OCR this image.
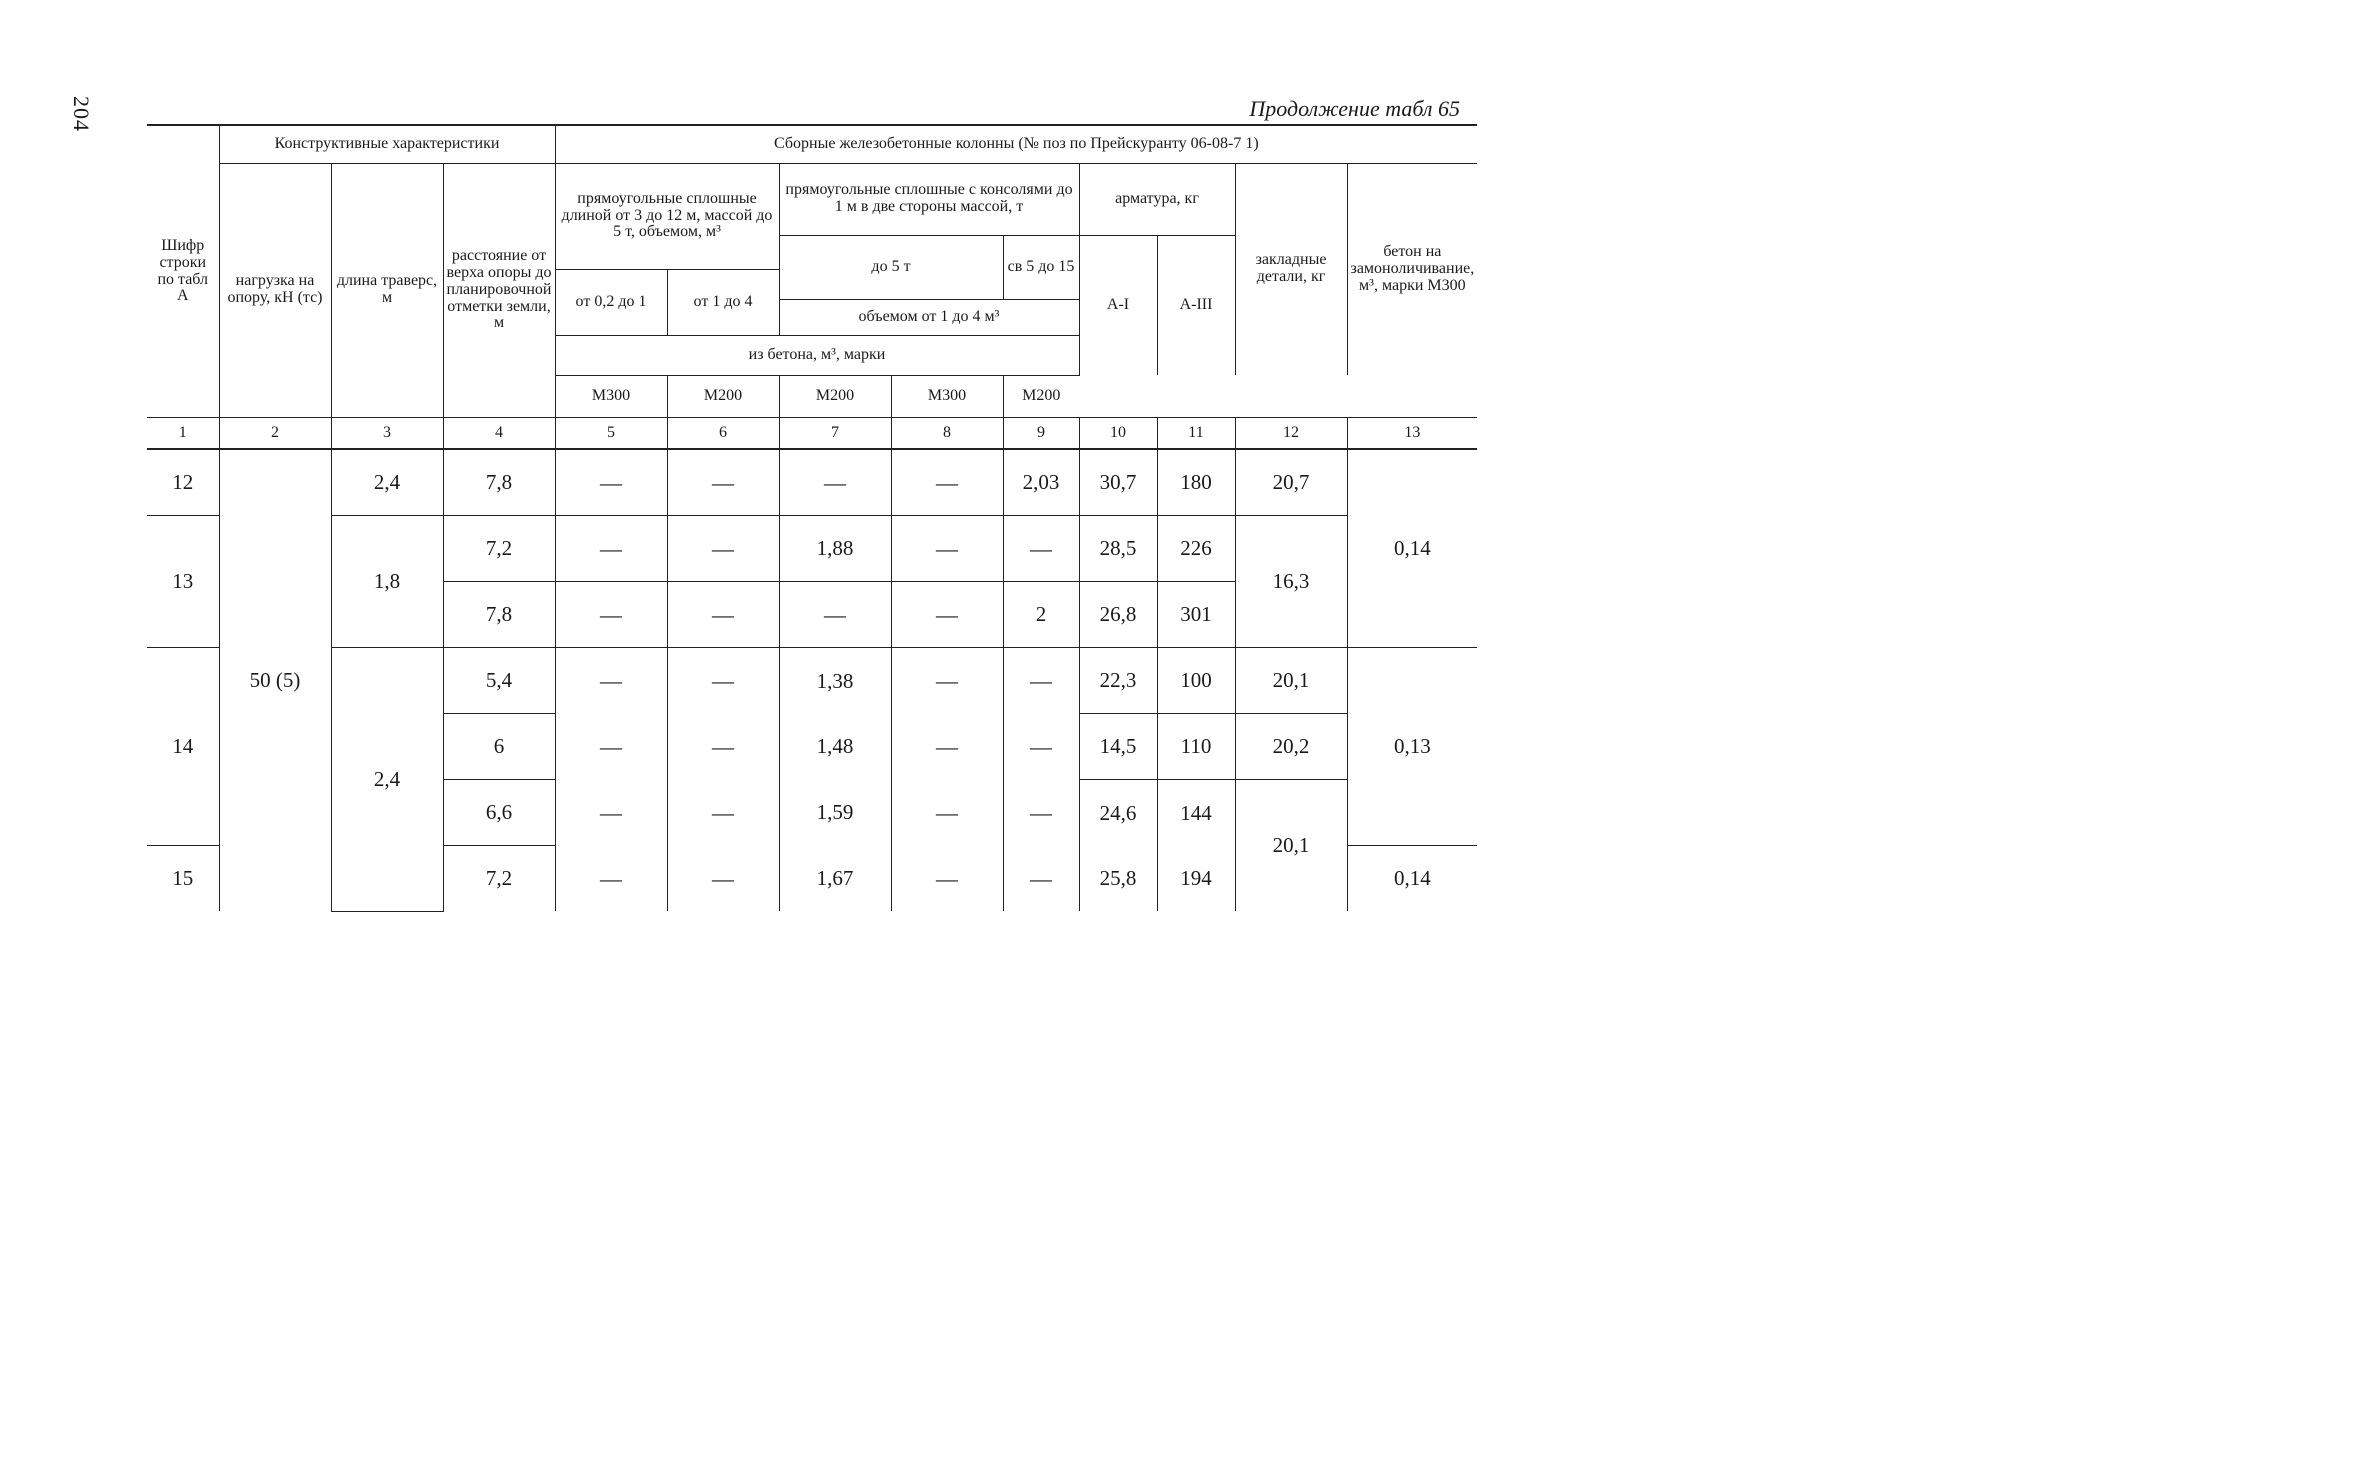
204	Продолжение табл 65
Шифр строки по табл А	Конструктивные характеристики			Сборные железобетонные колонны (№ поз по Прейскуранту 06-08-7 1)								
	нагрузка на опору, кН (тс)	длина траверс, м	расстояние от верха опоры до планировочной отметки земли, м	прямоугольные сплошные длиной от 3 до 12 м, массой до 5 т, объемом, м³		прямоугольные сплошные с консолями до 1 м в две стороны массой, т			арматура, кг		закладные детали, кг	бетон на замоноличивание, м³, марки М300
						до 5 т		св 5 до 15	А-I	А-III		
				от 0,2 до 1	от 1 до 4							
						объемом от 1 до 4 м³						
				из бетона, м³, марки								
				М300	М200	М200	М300	М200				

1	2	3	4	5	6	7	8	9	10	11	12	13
12	50 (5)	2,4	7,8	—	—	—	—	2,03	30,7	180	20,7	0,14
13		1,8	7,2	—	—	1,88	—	—	28,5	226	16,3	
			7,8	—	—	—	—	2	26,8	301		
14		2,4	5,4	—	—	1,38	—	—	22,3	100	20,1	0,13
			6	—	—	1,48	—	—	14,5	110	20,2	
			6,6	—	—	1,59	—	—	24,6	144	20,1	
15			7,2	—	—	1,67	—	—	25,8	194		0,14
